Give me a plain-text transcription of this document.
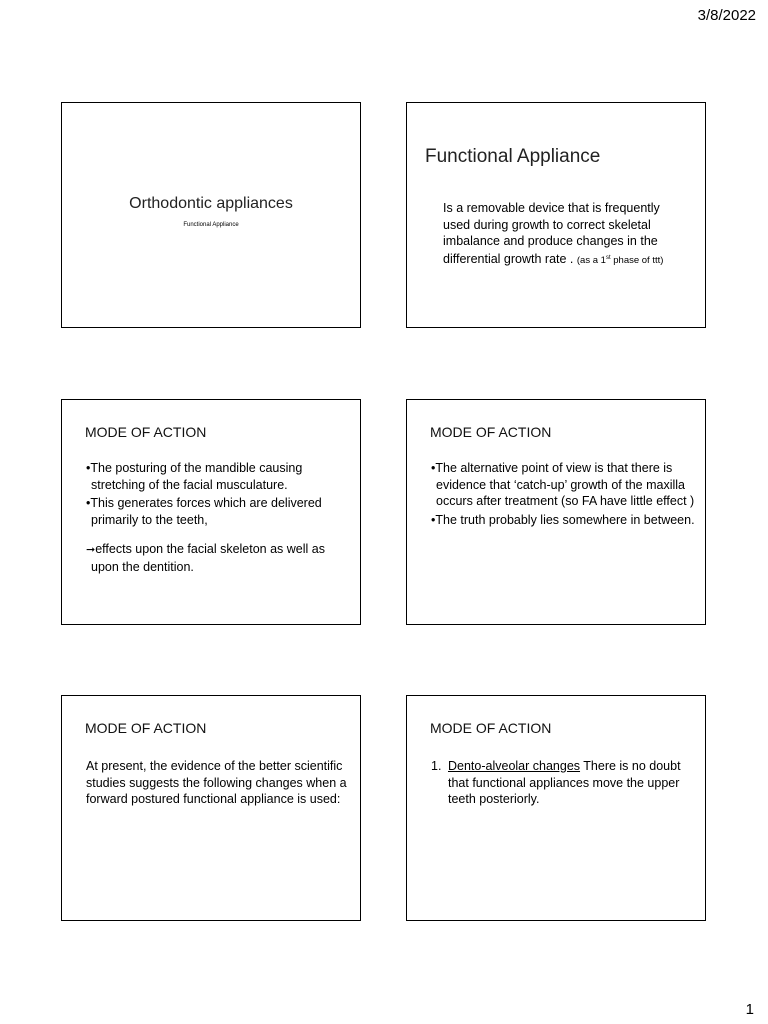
3/8/2022
Orthodontic appliances
Functional Appliance
Functional Appliance
Is a removable device that is frequently used during growth to correct skeletal imbalance and produce changes in the differential growth rate . (as a 1st phase of ttt)
MODE OF ACTION
•The posturing of the mandible causing stretching of the facial musculature.
•This generates forces which are delivered primarily to the teeth,
➞effects upon the facial skeleton as well as upon the dentition.
MODE OF ACTION
•The alternative point of view is that there is evidence that ‘catch-up’ growth of the maxilla occurs after treatment (so FA have little effect )
•The truth probably lies somewhere in between.
MODE OF ACTION
At present, the evidence of the better scientific studies suggests the following changes when a forward postured functional appliance is used:
MODE OF ACTION
1. Dento-alveolar changes There is no doubt that functional appliances move the upper teeth posteriorly.
1
